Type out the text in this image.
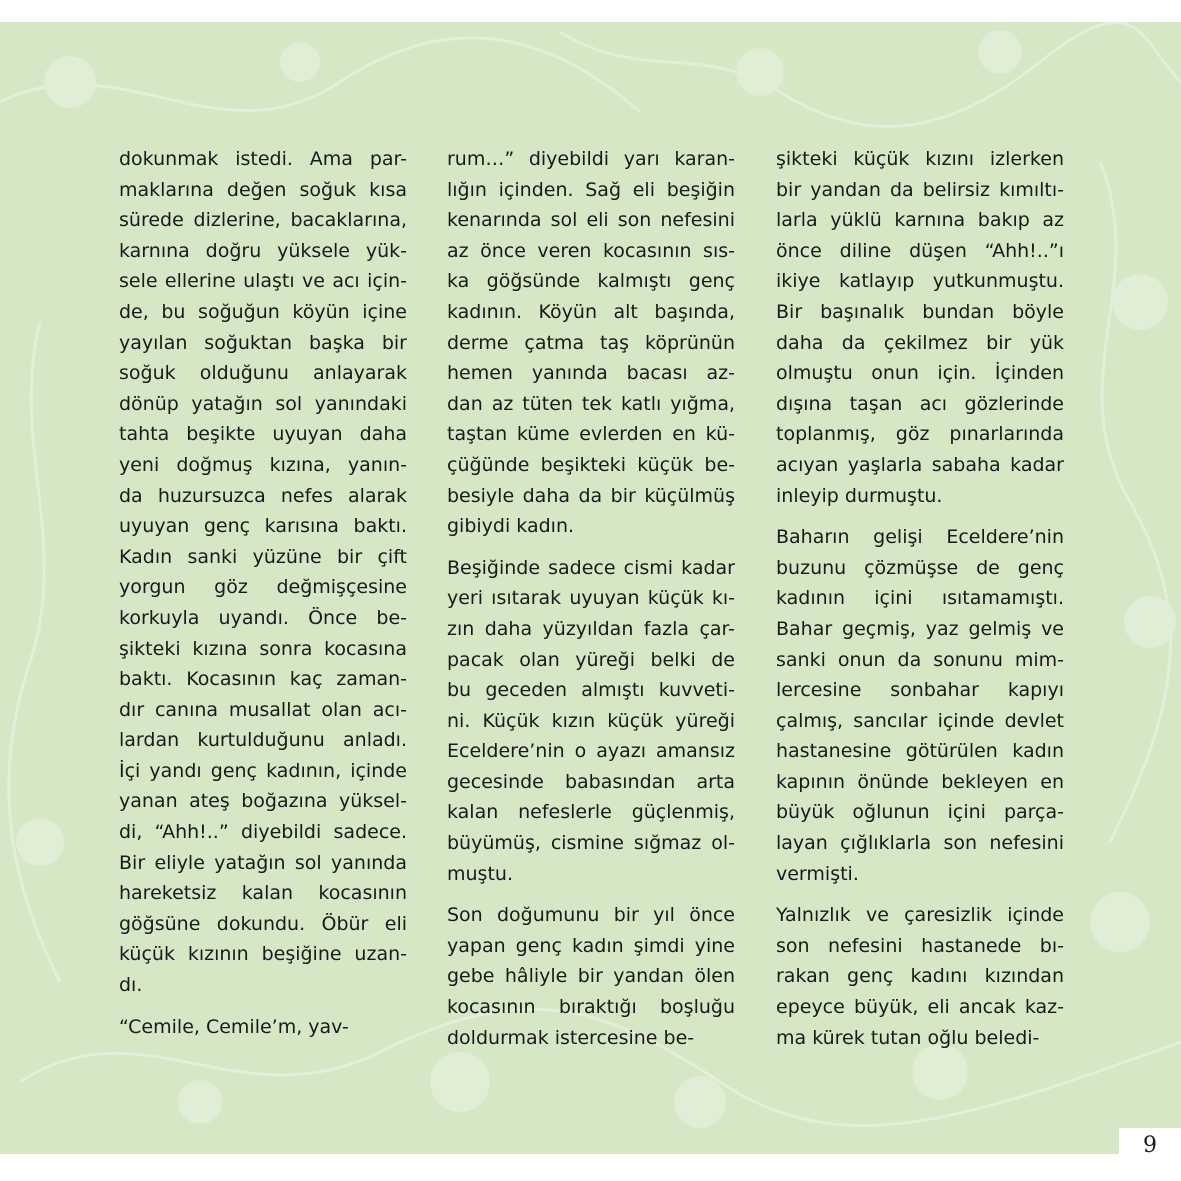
dokunmak istedi. Ama par-
maklarına değen soğuk kısa
sürede dizlerine, bacaklarına,
karnına doğru yüksele yük-
sele ellerine ulaştı ve acı için-
de, bu soğuğun köyün içine
yayılan soğuktan başka bir
soğuk olduğunu anlayarak
dönüp yatağın sol yanındaki
tahta beşikte uyuyan daha
yeni doğmuş kızına, yanın-
da huzursuzca nefes alarak
uyuyan genç karısına baktı.
Kadın sanki yüzüne bir çift
yorgun göz değmişçesine
korkuyla uyandı. Önce be-
şikteki kızına sonra kocasına
baktı. Kocasının kaç zaman-
dır canına musallat olan acı-
lardan kurtulduğunu anladı.
İçi yandı genç kadının, içinde
yanan ateş boğazına yüksel-
di, “Ahh!..” diyebildi sadece.
Bir eliyle yatağın sol yanında
hareketsiz kalan kocasının
göğsüne dokundu. Öbür eli
küçük kızının beşiğine uzan-
dı.

“Cemile, Cemile’m, yav-

rum…” diyebildi yarı karan-
lığın içinden. Sağ eli beşiğin
kenarında sol eli son nefesini
az önce veren kocasının sıs-
ka göğsünde kalmıştı genç
kadının. Köyün alt başında,
derme çatma taş köprünün
hemen yanında bacası az-
dan az tüten tek katlı yığma,
taştan küme evlerden en kü-
çüğünde beşikteki küçük be-
besiyle daha da bir küçülmüş
gibiydi kadın.

Beşiğinde sadece cismi kadar
yeri ısıtarak uyuyan küçük kı-
zın daha yüzyıldan fazla çar-
pacak olan yüreği belki de
bu geceden almıştı kuvveti-
ni. Küçük kızın küçük yüreği
Eceldere’nin o ayazı amansız
gecesinde babasından arta
kalan nefeslerle güçlenmiş,
büyümüş, cismine sığmaz ol-
muştu.

Son doğumunu bir yıl önce
yapan genç kadın şimdi yine
gebe hâliyle bir yandan ölen
kocasının bıraktığı boşluğu
doldurmak istercesine be-

şikteki küçük kızını izlerken
bir yandan da belirsiz kımıltı-
larla yüklü karnına bakıp az
önce diline düşen “Ahh!..”ı
ikiye katlayıp yutkunmuştu.
Bir başınalık bundan böyle
daha da çekilmez bir yük
olmuştu onun için. İçinden
dışına taşan acı gözlerinde
toplanmış, göz pınarlarında
acıyan yaşlarla sabaha kadar
inleyip durmuştu.

Baharın gelişi Eceldere’nin
buzunu çözmüşse de genç
kadının içini ısıtamamıştı.
Bahar geçmiş, yaz gelmiş ve
sanki onun da sonunu mim-
lercesine sonbahar kapıyı
çalmış, sancılar içinde devlet
hastanesine götürülen kadın
kapının önünde bekleyen en
büyük oğlunun içini parça-
layan çığlıklarla son nefesini
vermişti.

Yalnızlık ve çaresizlik içinde
son nefesini hastanede bı-
rakan genç kadını kızından
epeyce büyük, eli ancak kaz-
ma kürek tutan oğlu beledi-

9
